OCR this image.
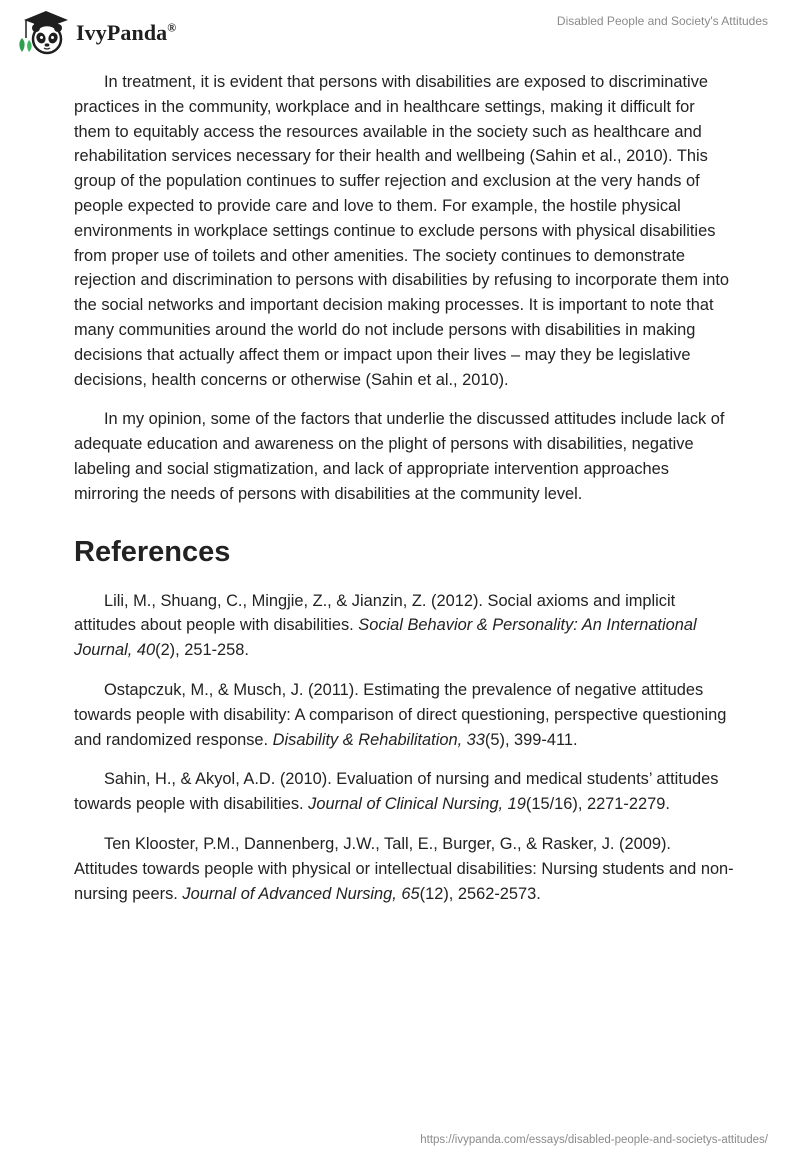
IvyPanda®	Disabled People and Society's Attitudes

In treatment, it is evident that persons with disabilities are exposed to discriminative practices in the community, workplace and in healthcare settings, making it difficult for them to equitably access the resources available in the society such as healthcare and rehabilitation services necessary for their health and wellbeing (Sahin et al., 2010). This group of the population continues to suffer rejection and exclusion at the very hands of people expected to provide care and love to them. For example, the hostile physical environments in workplace settings continue to exclude persons with physical disabilities from proper use of toilets and other amenities. The society continues to demonstrate rejection and discrimination to persons with disabilities by refusing to incorporate them into the social networks and important decision making processes. It is important to note that many communities around the world do not include persons with disabilities in making decisions that actually affect them or impact upon their lives – may they be legislative decisions, health concerns or otherwise (Sahin et al., 2010).

In my opinion, some of the factors that underlie the discussed attitudes include lack of adequate education and awareness on the plight of persons with disabilities, negative labeling and social stigmatization, and lack of appropriate intervention approaches mirroring the needs of persons with disabilities at the community level.

References

Lili, M., Shuang, C., Mingjie, Z., & Jianzin, Z. (2012). Social axioms and implicit attitudes about people with disabilities. Social Behavior & Personality: An International Journal, 40(2), 251-258.

Ostapczuk, M., & Musch, J. (2011). Estimating the prevalence of negative attitudes towards people with disability: A comparison of direct questioning, perspective questioning and randomized response. Disability & Rehabilitation, 33(5), 399-411.

Sahin, H., & Akyol, A.D. (2010). Evaluation of nursing and medical students’ attitudes towards people with disabilities. Journal of Clinical Nursing, 19(15/16), 2271-2279.

Ten Klooster, P.M., Dannenberg, J.W., Tall, E., Burger, G., & Rasker, J. (2009). Attitudes towards people with physical or intellectual disabilities: Nursing students and non-nursing peers. Journal of Advanced Nursing, 65(12), 2562-2573.

https://ivypanda.com/essays/disabled-people-and-societys-attitudes/
